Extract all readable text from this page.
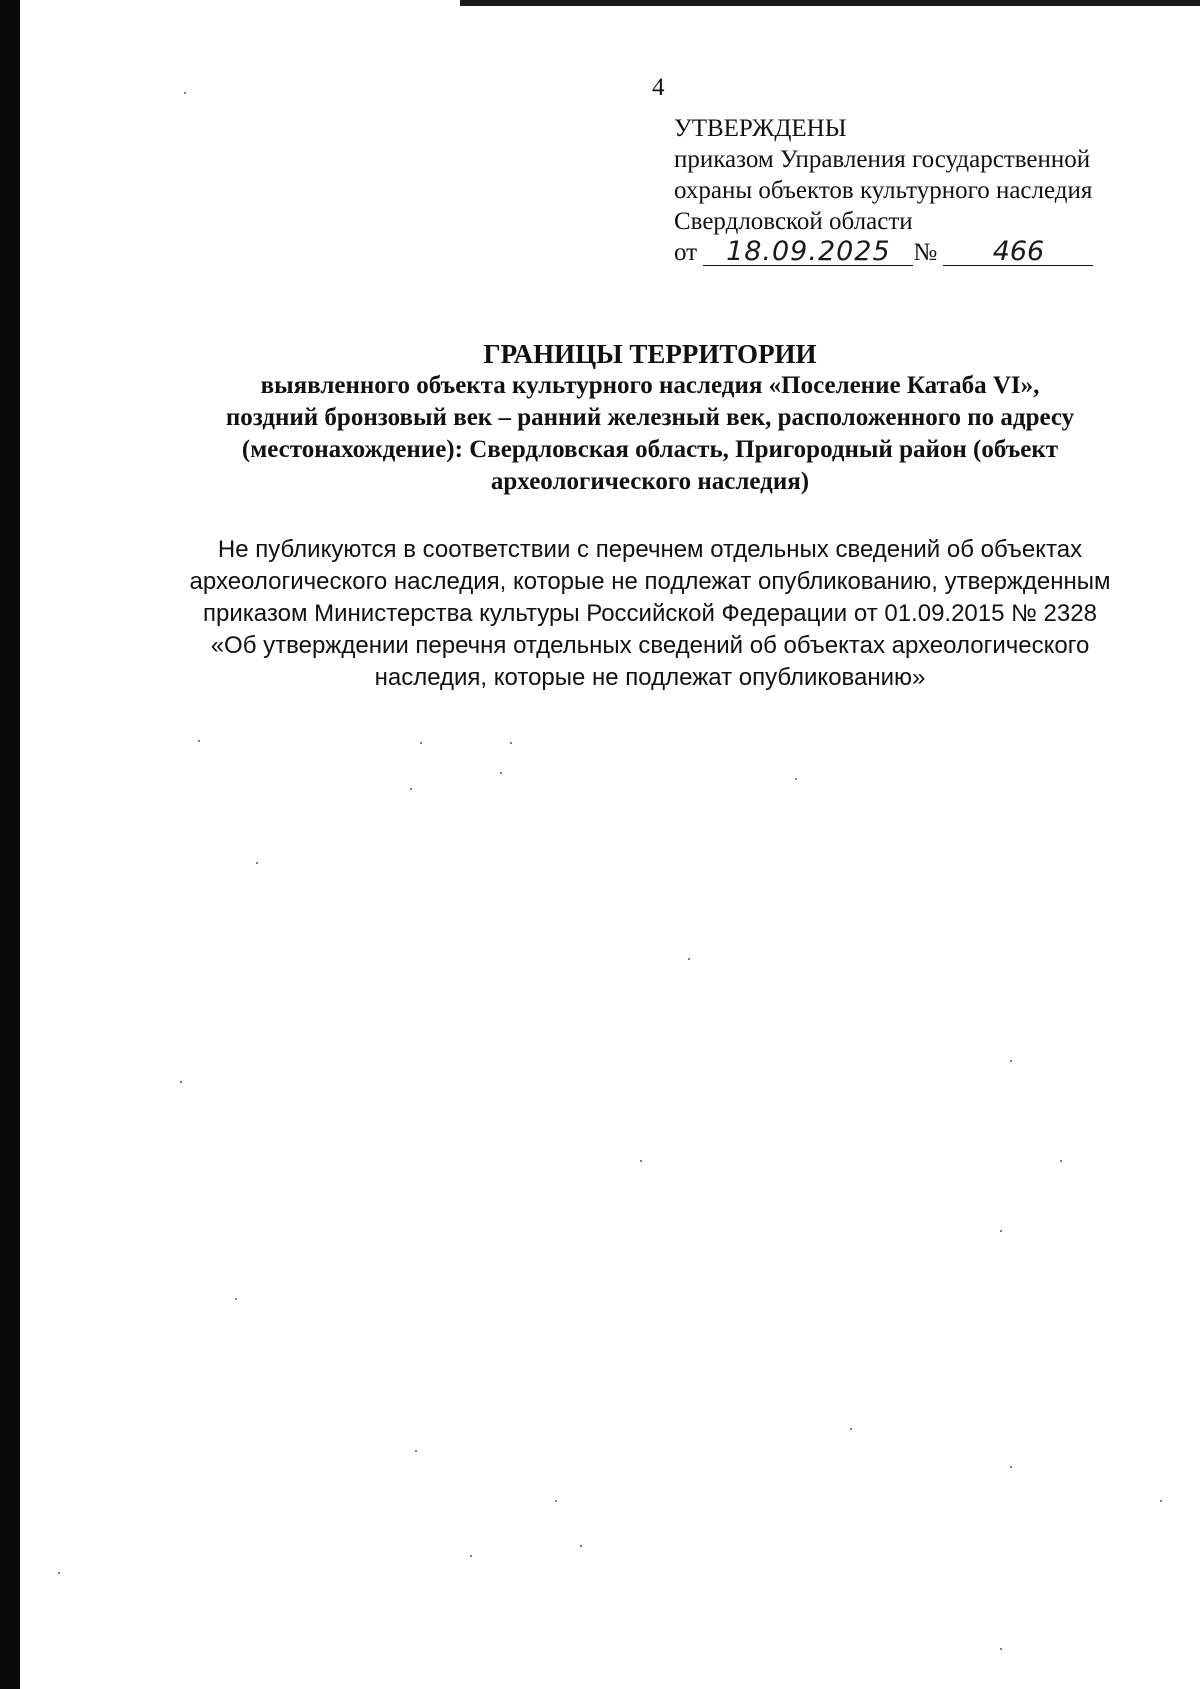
4
УТВЕРЖДЕНЫ
приказом Управления государственной
охраны объектов культурного наследия
Свердловской области
от 18.09.2025 № 466
ГРАНИЦЫ ТЕРРИТОРИИ
выявленного объекта культурного наследия «Поселение Катаба VI»,
поздний бронзовый век – ранний железный век, расположенного по адресу
(местонахождение): Свердловская область, Пригородный район (объект
археологического наследия)
Не публикуются в соответствии с перечнем отдельных сведений об объектах
археологического наследия, которые не подлежат опубликованию, утвержденным
приказом Министерства культуры Российской Федерации от 01.09.2015 № 2328
«Об утверждении перечня отдельных сведений об объектах археологического
наследия, которые не подлежат опубликованию»
